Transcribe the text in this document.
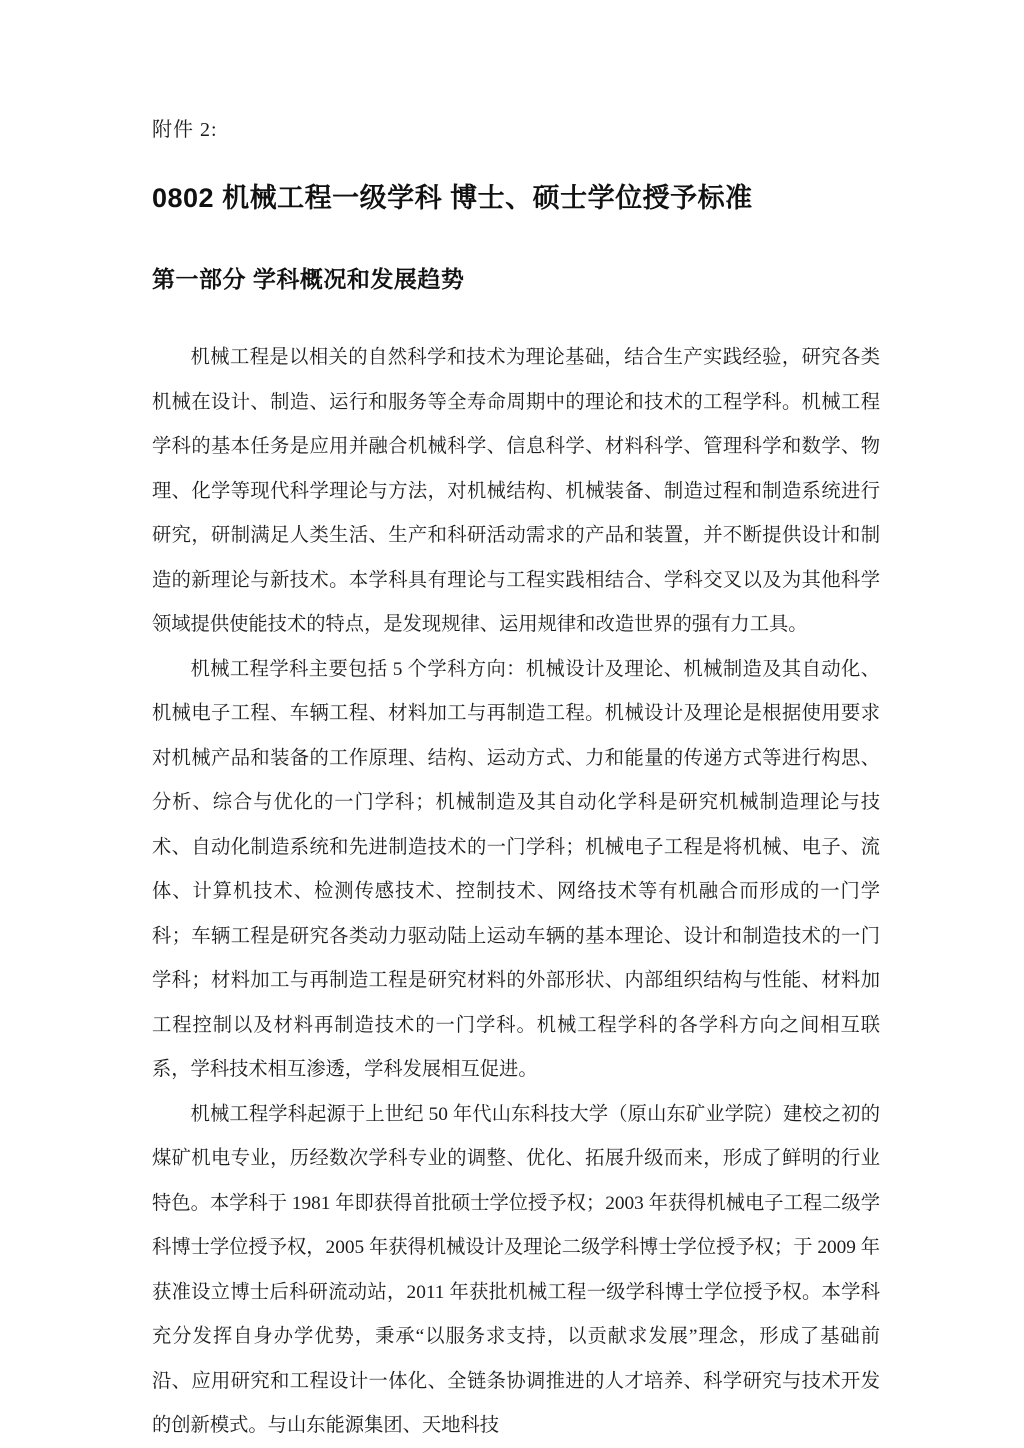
附件 2:
0802 机械工程一级学科 博士、硕士学位授予标准
第一部分 学科概况和发展趋势

机械工程是以相关的自然科学和技术为理论基础，结合生产实践经验，研究各类机械在设计、制造、运行和服务等全寿命周期中的理论和技术的工程学科。机械工程学科的基本任务是应用并融合机械科学、信息科学、材料科学、管理科学和数学、物理、化学等现代科学理论与方法，对机械结构、机械装备、制造过程和制造系统进行研究，研制满足人类生活、生产和科研活动需求的产品和装置，并不断提供设计和制造的新理论与新技术。本学科具有理论与工程实践相结合、学科交叉以及为其他科学领域提供使能技术的特点，是发现规律、运用规律和改造世界的强有力工具。

机械工程学科主要包括 5 个学科方向：机械设计及理论、机械制造及其自动化、机械电子工程、车辆工程、材料加工与再制造工程。机械设计及理论是根据使用要求对机械产品和装备的工作原理、结构、运动方式、力和能量的传递方式等进行构思、分析、综合与优化的一门学科；机械制造及其自动化学科是研究机械制造理论与技术、自动化制造系统和先进制造技术的一门学科；机械电子工程是将机械、电子、流体、计算机技术、检测传感技术、控制技术、网络技术等有机融合而形成的一门学科；车辆工程是研究各类动力驱动陆上运动车辆的基本理论、设计和制造技术的一门学科；材料加工与再制造工程是研究材料的外部形状、内部组织结构与性能、材料加工程控制以及材料再制造技术的一门学科。机械工程学科的各学科方向之间相互联系，学科技术相互渗透，学科发展相互促进。

机械工程学科起源于上世纪 50 年代山东科技大学（原山东矿业学院）建校之初的煤矿机电专业，历经数次学科专业的调整、优化、拓展升级而来，形成了鲜明的行业特色。本学科于 1981 年即获得首批硕士学位授予权；2003 年获得机械电子工程二级学科博士学位授予权，2005 年获得机械设计及理论二级学科博士学位授予权；于 2009 年获准设立博士后科研流动站，2011 年获批机械工程一级学科博士学位授予权。本学科充分发挥自身办学优势，秉承“以服务求支持，以贡献求发展”理念，形成了基础前沿、应用研究和工程设计一体化、全链条协调推进的人才培养、科学研究与技术开发的创新模式。与山东能源集团、天地科技
